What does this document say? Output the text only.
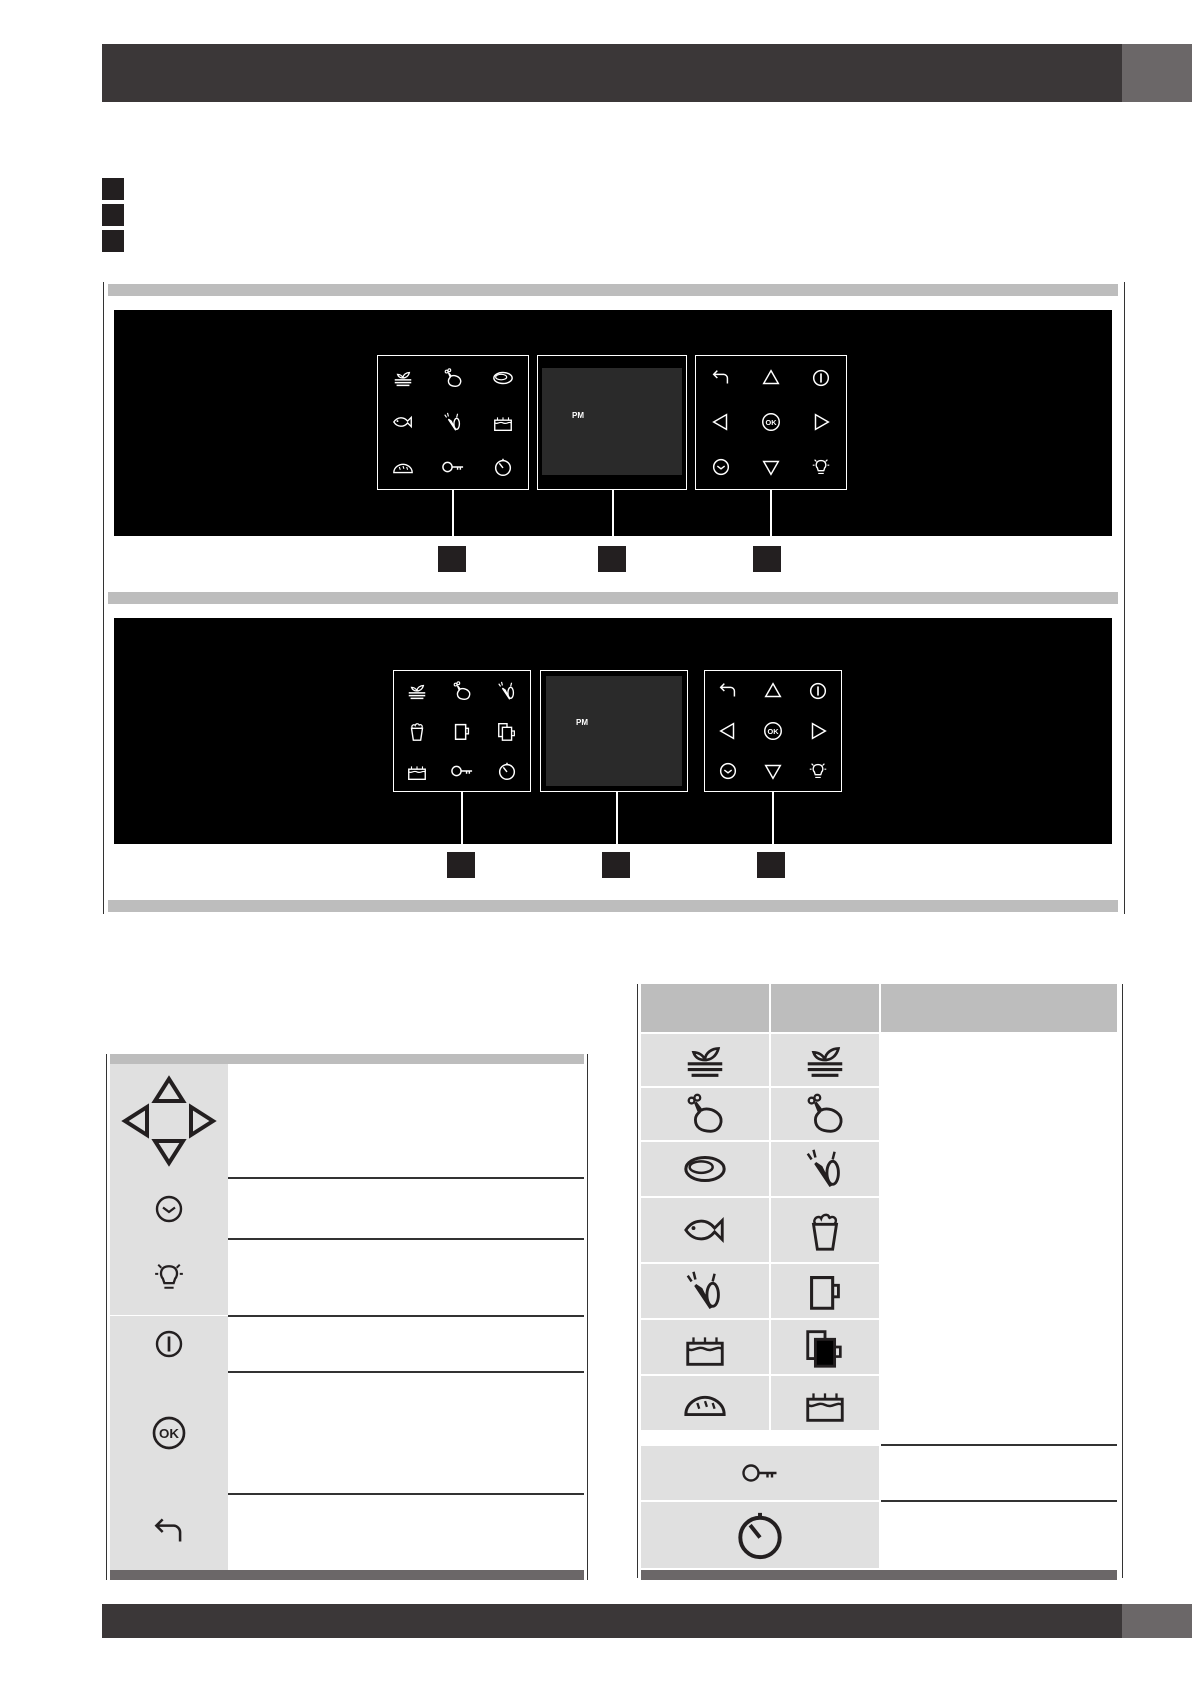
PM
PM
